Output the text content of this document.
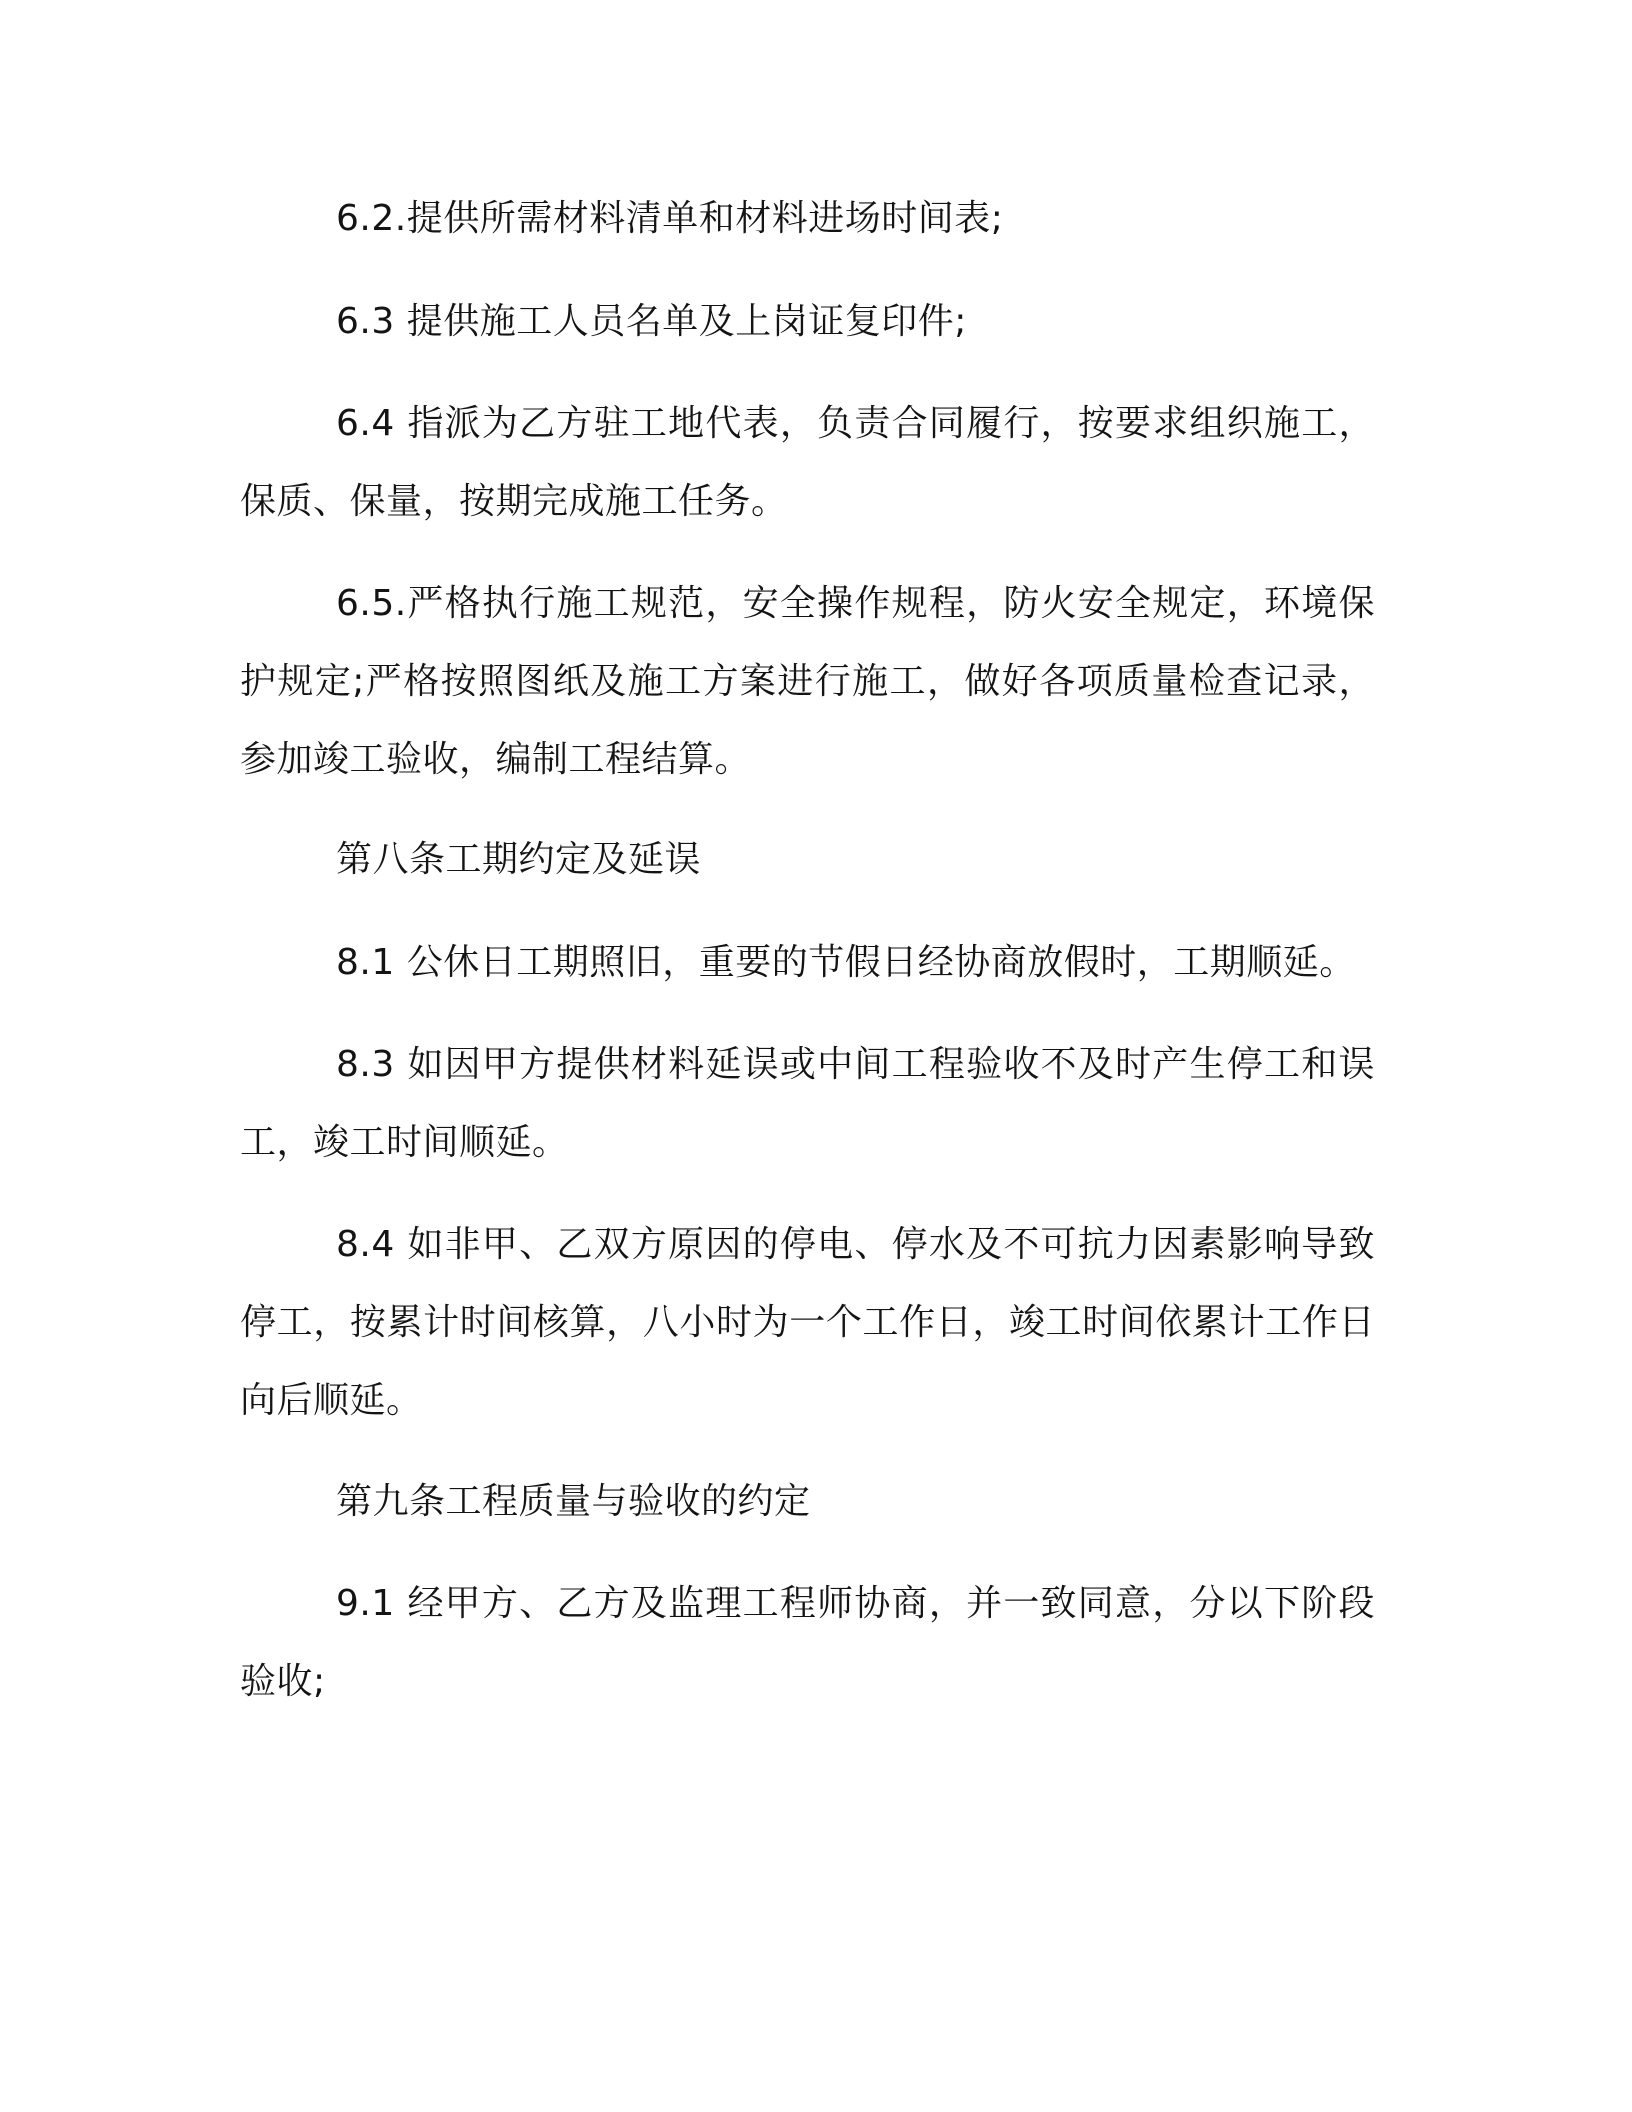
6.2.提供所需材料清单和材料进场时间表;

6.3 提供施工人员名单及上岗证复印件;

6.4 指派为乙方驻工地代表，负责合同履行，按要求组织施工，保质、保量，按期完成施工任务。

6.5.严格执行施工规范，安全操作规程，防火安全规定，环境保护规定;严格按照图纸及施工方案进行施工，做好各项质量检查记录，参加竣工验收，编制工程结算。

第八条工期约定及延误

8.1 公休日工期照旧，重要的节假日经协商放假时，工期顺延。

8.3 如因甲方提供材料延误或中间工程验收不及时产生停工和误工，竣工时间顺延。

8.4 如非甲、乙双方原因的停电、停水及不可抗力因素影响导致停工，按累计时间核算，八小时为一个工作日，竣工时间依累计工作日向后顺延。

第九条工程质量与验收的约定

9.1 经甲方、乙方及监理工程师协商，并一致同意，分以下阶段验收;
